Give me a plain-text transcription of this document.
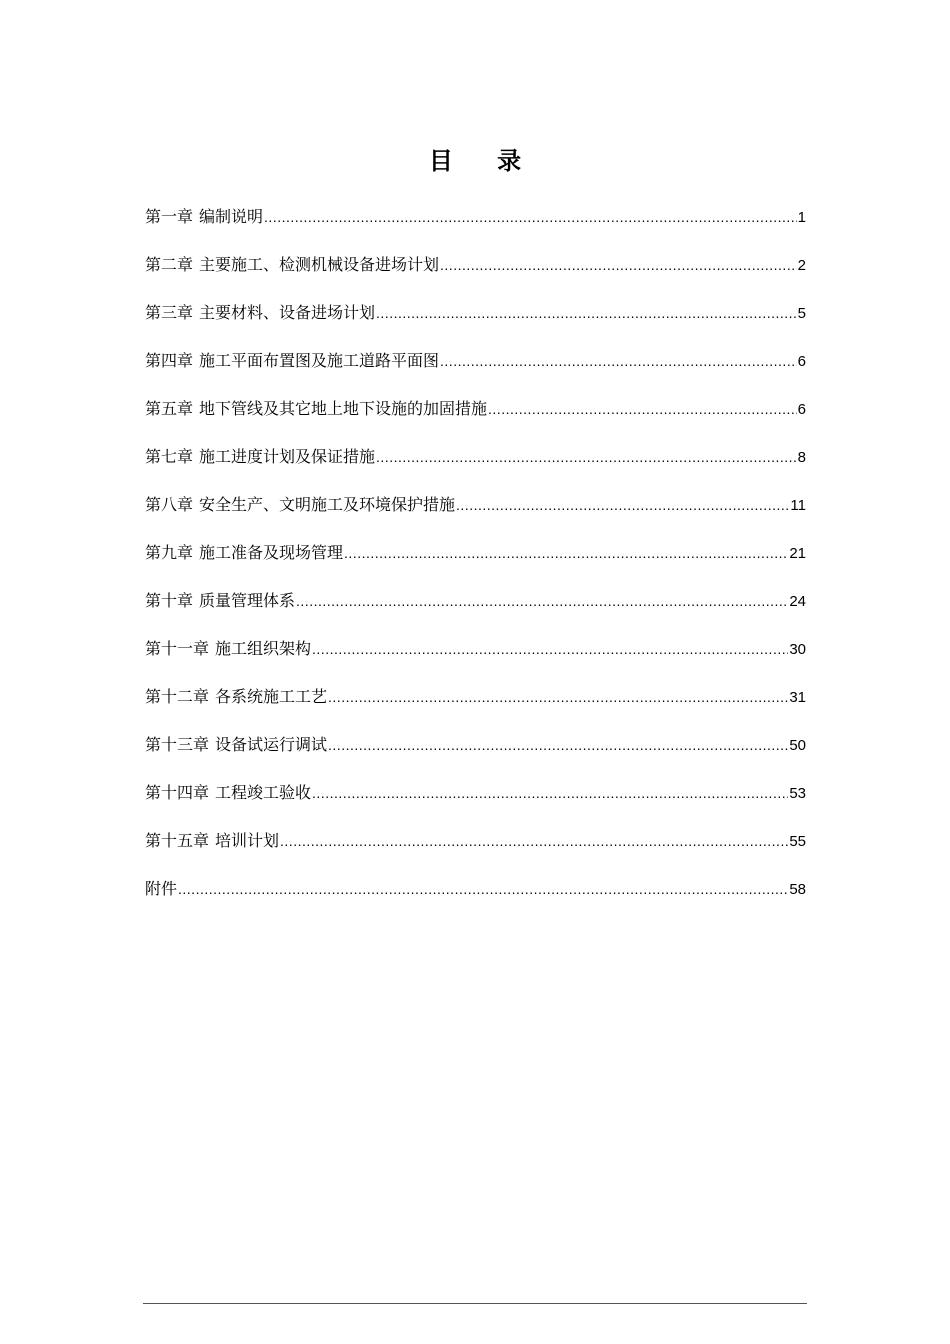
目 录
第一章 编制说明 .....	1
第二章 主要施工、检测机械设备进场计划 .....	2
第三章 主要材料、设备进场计划 .....	5
第四章 施工平面布置图及施工道路平面图 .....	6
第五章 地下管线及其它地上地下设施的加固措施 .....	6
第七章 施工进度计划及保证措施 .....	8
第八章 安全生产、文明施工及环境保护措施 .....	11
第九章 施工准备及现场管理 .....	21
第十章 质量管理体系 .....	24
第十一章 施工组织架构 .....	30
第十二章 各系统施工工艺 .....	31
第十三章 设备试运行调试 .....	50
第十四章 工程竣工验收 .....	53
第十五章 培训计划 .....	55
附件 .....	58
